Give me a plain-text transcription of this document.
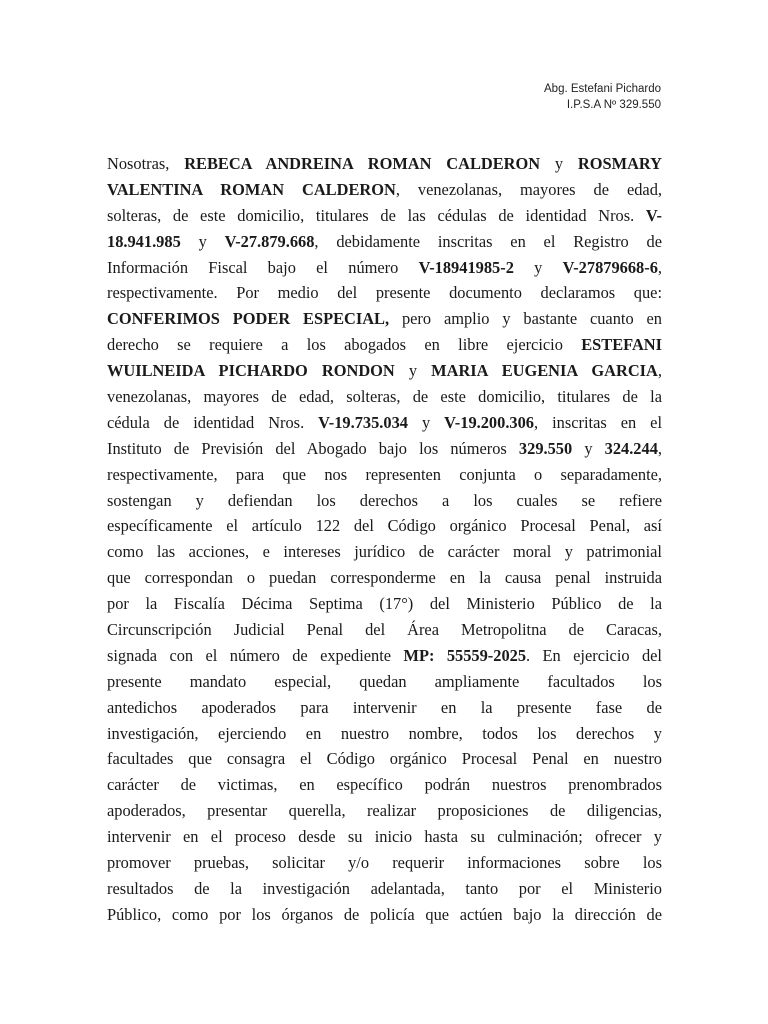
Abg. Estefani Pichardo
I.P.S.A Nº 329.550
Nosotras, REBECA ANDREINA ROMAN CALDERON y ROSMARY
VALENTINA ROMAN CALDERON, venezolanas, mayores de edad,
solteras, de este domicilio, titulares de las cédulas de identidad Nros. V-
18.941.985 y V-27.879.668, debidamente inscritas en el Registro de
Información Fiscal bajo el número V-18941985-2 y V-27879668-6,
respectivamente. Por medio del presente documento declaramos que:
CONFERIMOS PODER ESPECIAL, pero amplio y bastante cuanto en
derecho se requiere a los abogados en libre ejercicio ESTEFANI
WUILNEIDA PICHARDO RONDON y MARIA EUGENIA GARCIA,
venezolanas, mayores de edad, solteras, de este domicilio, titulares de la
cédula de identidad Nros. V-19.735.034 y V-19.200.306, inscritas en el
Instituto de Previsión del Abogado bajo los números 329.550 y 324.244,
respectivamente, para que nos representen conjunta o separadamente,
sostengan y defiendan los derechos a los cuales se refiere
específicamente el artículo 122 del Código orgánico Procesal Penal, así
como las acciones, e intereses jurídico de carácter moral y patrimonial
que correspondan o puedan corresponderme en la causa penal instruida
por la Fiscalía Décima Septima (17°) del Ministerio Público de la
Circunscripción Judicial Penal del Área Metropolitna de Caracas,
signada con el número de expediente MP: 55559-2025. En ejercicio del
presente mandato especial, quedan ampliamente facultados los
antedichos apoderados para intervenir en la presente fase de
investigación, ejerciendo en nuestro nombre, todos los derechos y
facultades que consagra el Código orgánico Procesal Penal en nuestro
carácter de victimas, en específico podrán nuestros prenombrados
apoderados, presentar querella, realizar proposiciones de diligencias,
intervenir en el proceso desde su inicio hasta su culminación; ofrecer y
promover pruebas, solicitar y/o requerir informaciones sobre los
resultados de la investigación adelantada, tanto por el Ministerio
Público, como por los órganos de policía que actúen bajo la dirección de
